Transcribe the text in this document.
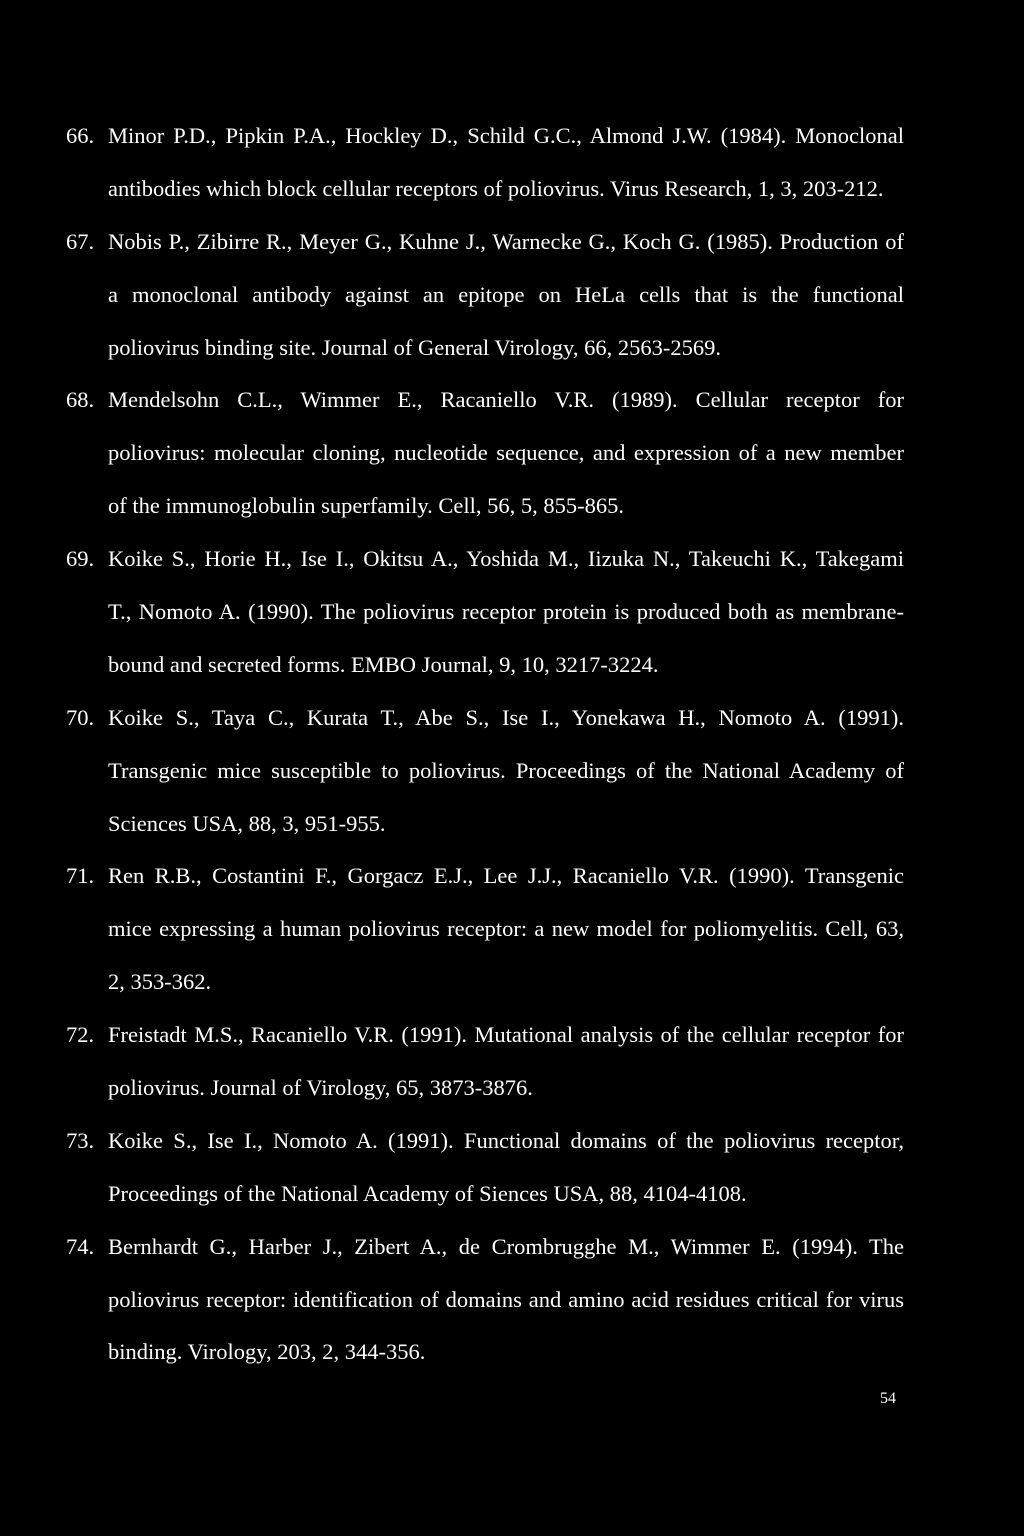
66. Minor P.D., Pipkin P.A., Hockley D., Schild G.C., Almond J.W. (1984). Monoclonal
antibodies which block cellular receptors of poliovirus. Virus Research, 1, 3, 203-212.
67. Nobis P., Zibirre R., Meyer G., Kuhne J., Warnecke G., Koch G. (1985). Production of
a monoclonal antibody against an epitope on HeLa cells that is the functional
poliovirus binding site. Journal of General Virology, 66, 2563-2569.
68. Mendelsohn C.L., Wimmer E., Racaniello V.R. (1989). Cellular receptor for
poliovirus: molecular cloning, nucleotide sequence, and expression of a new member
of the immunoglobulin superfamily. Cell, 56, 5, 855-865.
69. Koike S., Horie H., Ise I., Okitsu A., Yoshida M., Iizuka N., Takeuchi K., Takegami
T., Nomoto A. (1990). The poliovirus receptor protein is produced both as membrane-
bound and secreted forms. EMBO Journal, 9, 10, 3217-3224.
70. Koike S., Taya C., Kurata T., Abe S., Ise I., Yonekawa H., Nomoto A. (1991).
Transgenic mice susceptible to poliovirus. Proceedings of the National Academy of
Sciences USA, 88, 3, 951-955.
71. Ren R.B., Costantini F., Gorgacz E.J., Lee J.J., Racaniello V.R. (1990). Transgenic
mice expressing a human poliovirus receptor: a new model for poliomyelitis. Cell, 63,
2, 353-362.
72. Freistadt M.S., Racaniello V.R. (1991). Mutational analysis of the cellular receptor for
poliovirus. Journal of Virology, 65, 3873-3876.
73. Koike S., Ise I., Nomoto A. (1991). Functional domains of the poliovirus receptor,
Proceedings of the National Academy of Siences USA, 88, 4104-4108.
74. Bernhardt G., Harber J., Zibert A., de Crombrugghe M., Wimmer E. (1994). The
poliovirus receptor: identification of domains and amino acid residues critical for virus
binding. Virology, 203, 2, 344-356.
54
